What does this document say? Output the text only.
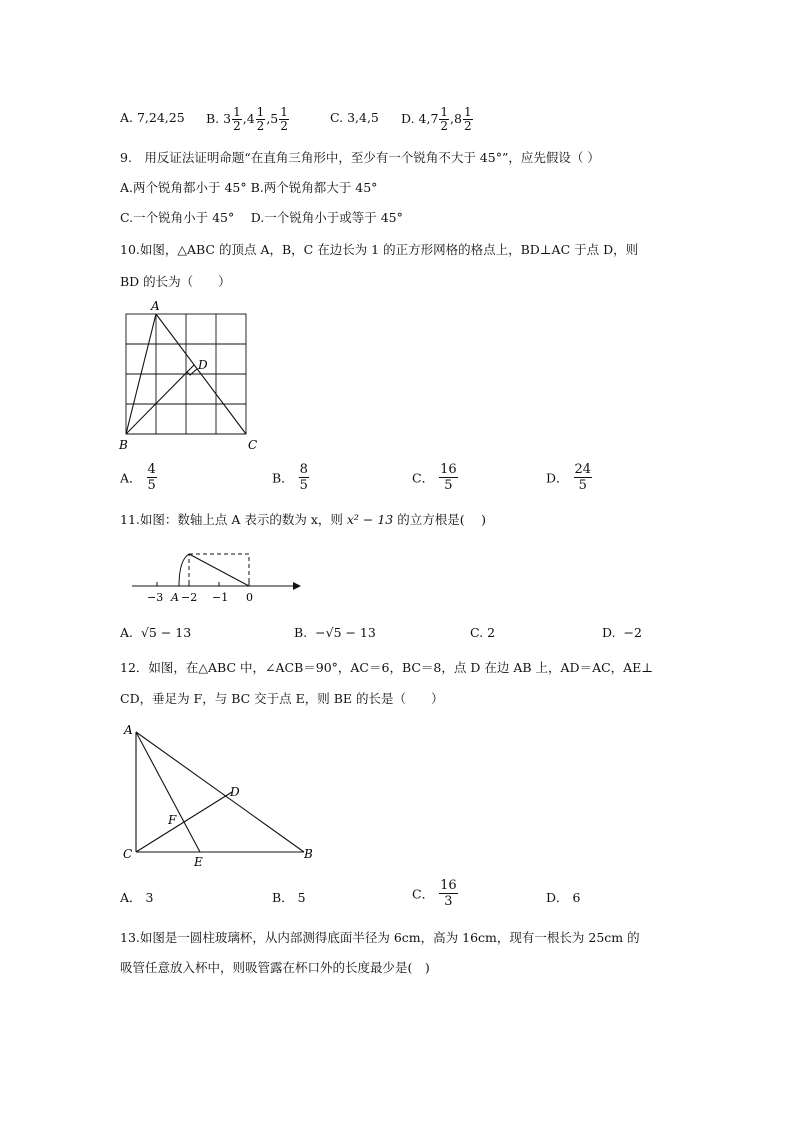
A. 7,24,25 B. $3 \frac{1}{2} ,4 \frac{1}{2} ,5 \frac{1}{2}$	C. 3,4,5 D. $4,7 \frac{1}{2} ,8 \frac{1}{2}$
9.　用反证法证明命题“在直角三角形中，至少有一个锐角不大于 45°”，应先假设（ ）
A.两个锐角都小于 45° B.两个锐角都大于 45°
C.一个锐角小于 45°　 D.一个锐角小于或等于 45°
10.如图，△ABC 的顶点 A，B，C 在边长为 1 的正方形网格的格点上，BD⊥AC 于点 D，则
BD 的长为（　　）
A
B	C
D
A． $\frac{4}{5}$	B． $\frac{8}{5}$	C． $\frac{16}{5}$	D． $\frac{24}{5}$
11.如图：数轴上点 A 表示的数为 x，则 x² − 13 的立方根是(　 )
−3 A −2 −1 0
A. √5 − 13	B. −√5 − 13	C. 2	D. −2
12．如图，在△ABC 中，∠ACB＝90°，AC＝6，BC＝8，点 D 在边 AB 上，AD＝AC，AE⊥
CD，垂足为 F，与 BC 交于点 E，则 BE 的长是（　　）
A
D
F
C
E
B
A． 3	B． 5	C． $\frac{16}{3}$	D． 6
13.如图是一圆柱玻璃杯，从内部测得底面半径为 6cm，高为 16cm，现有一根长为 25cm 的
吸管任意放入杯中，则吸管露在杯口外的长度最少是(　)
